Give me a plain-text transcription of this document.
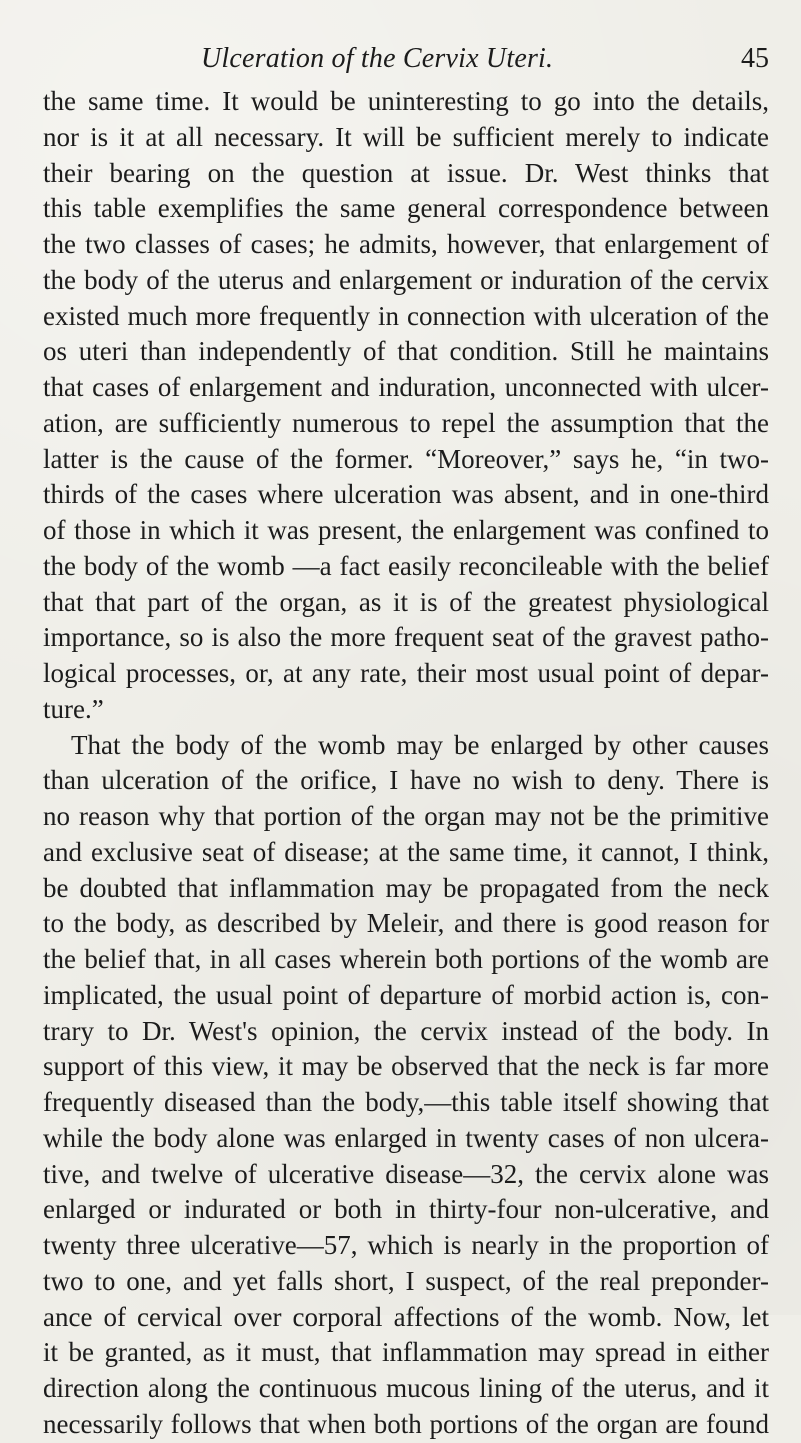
Ulceration of the Cervix Uteri.	45
the same time. It would be uninteresting to go into the details,
nor is it at all necessary. It will be sufficient merely to indicate
their bearing on the question at issue. Dr. West thinks that
this table exemplifies the same general correspondence between
the two classes of cases; he admits, however, that enlargement of
the body of the uterus and enlargement or induration of the cervix
existed much more frequently in connection with ulceration of the
os uteri than independently of that condition. Still he maintains
that cases of enlargement and induration, unconnected with ulcer-
ation, are sufficiently numerous to repel the assumption that the
latter is the cause of the former. “Moreover,” says he, “in two-
thirds of the cases where ulceration was absent, and in one-third
of those in which it was present, the enlargement was confined to
the body of the womb —a fact easily reconcileable with the belief
that that part of the organ, as it is of the greatest physiological
importance, so is also the more frequent seat of the gravest patho-
logical processes, or, at any rate, their most usual point of depar-
ture.”
That the body of the womb may be enlarged by other causes
than ulceration of the orifice, I have no wish to deny. There is
no reason why that portion of the organ may not be the primitive
and exclusive seat of disease; at the same time, it cannot, I think,
be doubted that inflammation may be propagated from the neck
to the body, as described by Meleir, and there is good reason for
the belief that, in all cases wherein both portions of the womb are
implicated, the usual point of departure of morbid action is, con-
trary to Dr. West's opinion, the cervix instead of the body. In
support of this view, it may be observed that the neck is far more
frequently diseased than the body,—this table itself showing that
while the body alone was enlarged in twenty cases of non ulcera-
tive, and twelve of ulcerative disease—32, the cervix alone was
enlarged or indurated or both in thirty-four non-ulcerative, and
twenty three ulcerative—57, which is nearly in the proportion of
two to one, and yet falls short, I suspect, of the real preponder-
ance of cervical over corporal affections of the womb. Now, let
it be granted, as it must, that inflammation may spread in either
direction along the continuous mucous lining of the uterus, and it
necessarily follows that when both portions of the organ are found
